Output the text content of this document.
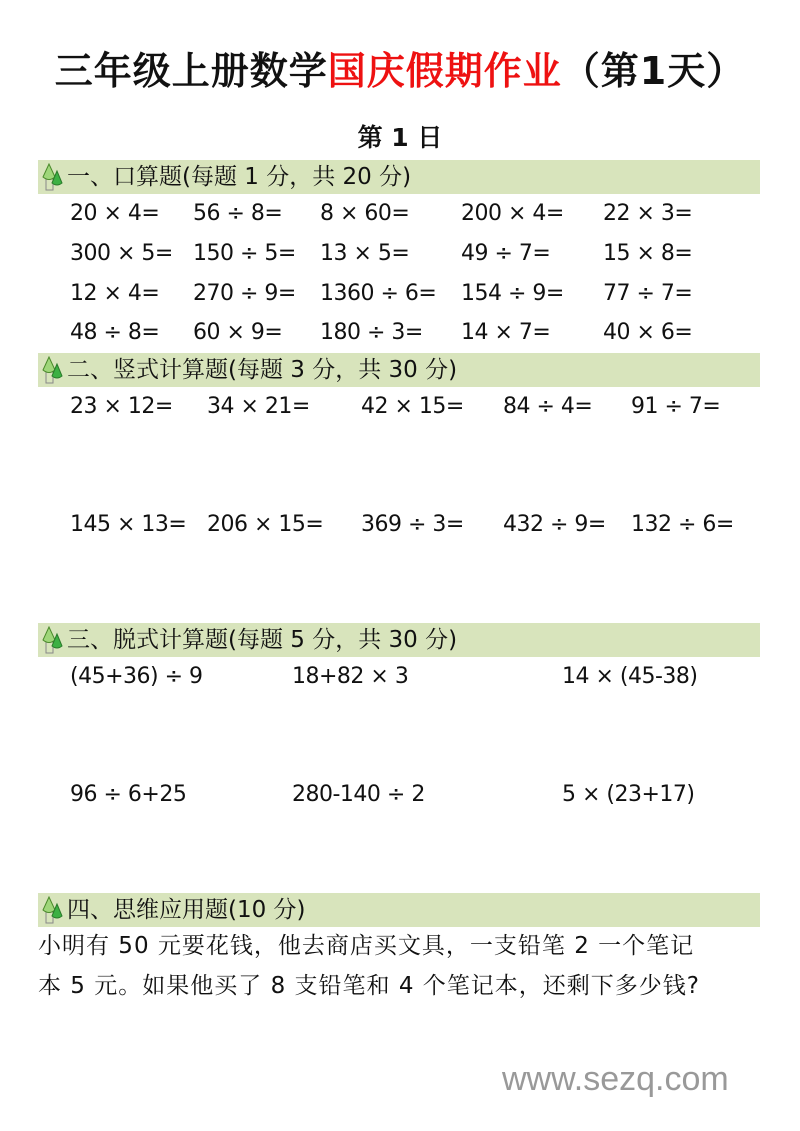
三年级上册数学国庆假期作业（第1天）
第 1 日
一、口算题(每题 1 分，共 20 分)
20 × 4= 56 ÷ 8= 8 × 60= 200 × 4= 22 × 3=
300 × 5= 150 ÷ 5= 13 × 5= 49 ÷ 7= 15 × 8=
12 × 4= 270 ÷ 9= 1360 ÷ 6= 154 ÷ 9= 77 ÷ 7=
48 ÷ 8= 60 × 9= 180 ÷ 3= 14 × 7= 40 × 6=
二、竖式计算题(每题 3 分，共 30 分)
23 × 12= 34 × 21= 42 × 15= 84 ÷ 4= 91 ÷ 7=
145 × 13= 206 × 15= 369 ÷ 3= 432 ÷ 9= 132 ÷ 6=
三、脱式计算题(每题 5 分，共 30 分)
(45+36) ÷ 9	18+82 × 3	14 × (45-38)
96 ÷ 6+25	280-140 ÷ 2	5 × (23+17)
四、思维应用题(10 分)
小明有 50 元要花钱，他去商店买文具，一支铅笔 2 一个笔记
本 5 元。如果他买了 8 支铅笔和 4 个笔记本，还剩下多少钱?
www.sezq.com
